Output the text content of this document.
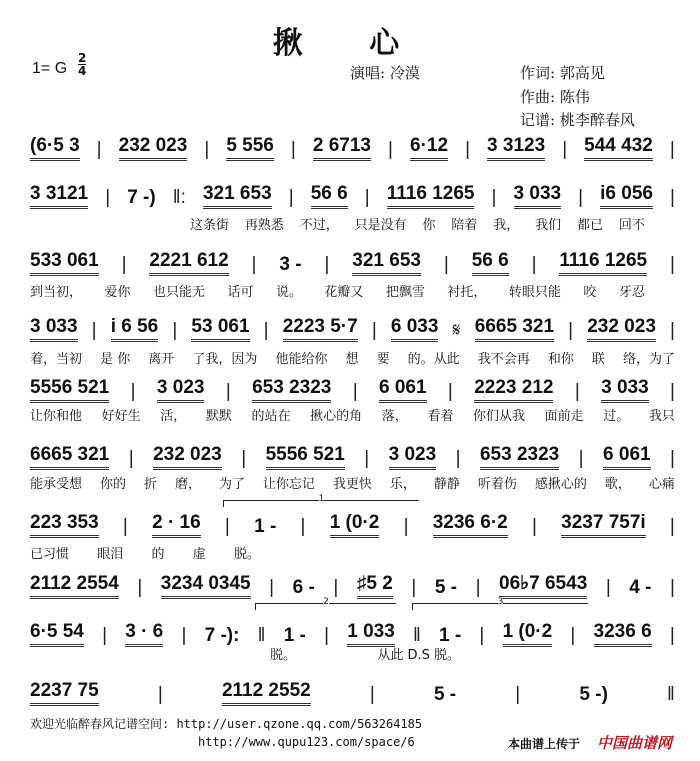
揪 心
1= G
2
4	演唱: 冷漠	作词: 郭高见
作曲: 陈伟
记谱: 桃李醉春风
(6·5 3 | 232 023 | 5 556 | 2 6713 | 6·12 | 3 3123 | 544 432 |
3 3121 | 7 -) ‖: 321 653 | 56 6 | 1116 1265 | 3 033 | i6 056 |
这条街 再熟悉 不过， 只是没有 你 陪着 我， 我们 都已 回不
533 061 | 2221 612 | 3 - | 321 653 | 56 6 | 1116 1265 |
到当初， 爱你 也只能无 话可 说。 花瓣又 把飘雪 衬托， 转眼只能 咬 牙忍
3 033 | i 6 56 | 53 061 | 2223 5·7 | 6 033 𝄋 6665 321 | 232 023 |
着，当初 是 你 离开 了我，因为 他能给你 想 要 的。从此 我不会再 和你 联 络，为了
5556 521 | 3 023 | 653 2323 | 6 061 | 2223 212 | 3 033 |
让你和他 好好生 活， 默默 的站在 揪心的角 落， 看着 你们从我 面前走 过。 我只
6665 321 | 232 023 | 5556 521 | 3 023 | 653 2323 | 6 061 |
能承受想 你的 折 磨， 为了 让你忘记 我更快 乐， 静静 听着伤 感揪心的 歌， 心痛
223 353 | 2 · 16 | 1 - | 1 (0·2 | 3236 6·2 | 3237 757i |
已习惯 眼泪 的 虚 脱。
2112 2554 | 3234 0345 | 6 - | ♯5 2 | 5 - | 06♭7 6543 | 4 - |
6·5 54 | 3 · 6 | 7 -): ‖ 1 - | 1 033 ‖ 1 - | 1 (0·2 | 3236 6 |
脱。	从此 D.S 脱。
2237 75	|	2112 2552	|	5 -	|	5 -)	‖
1
2	3
欢迎光临醉春风记谱空间: http://user.qzone.qq.com/563264185
http://www.qupu123.com/space/6	本曲谱上传于 中国曲谱网
